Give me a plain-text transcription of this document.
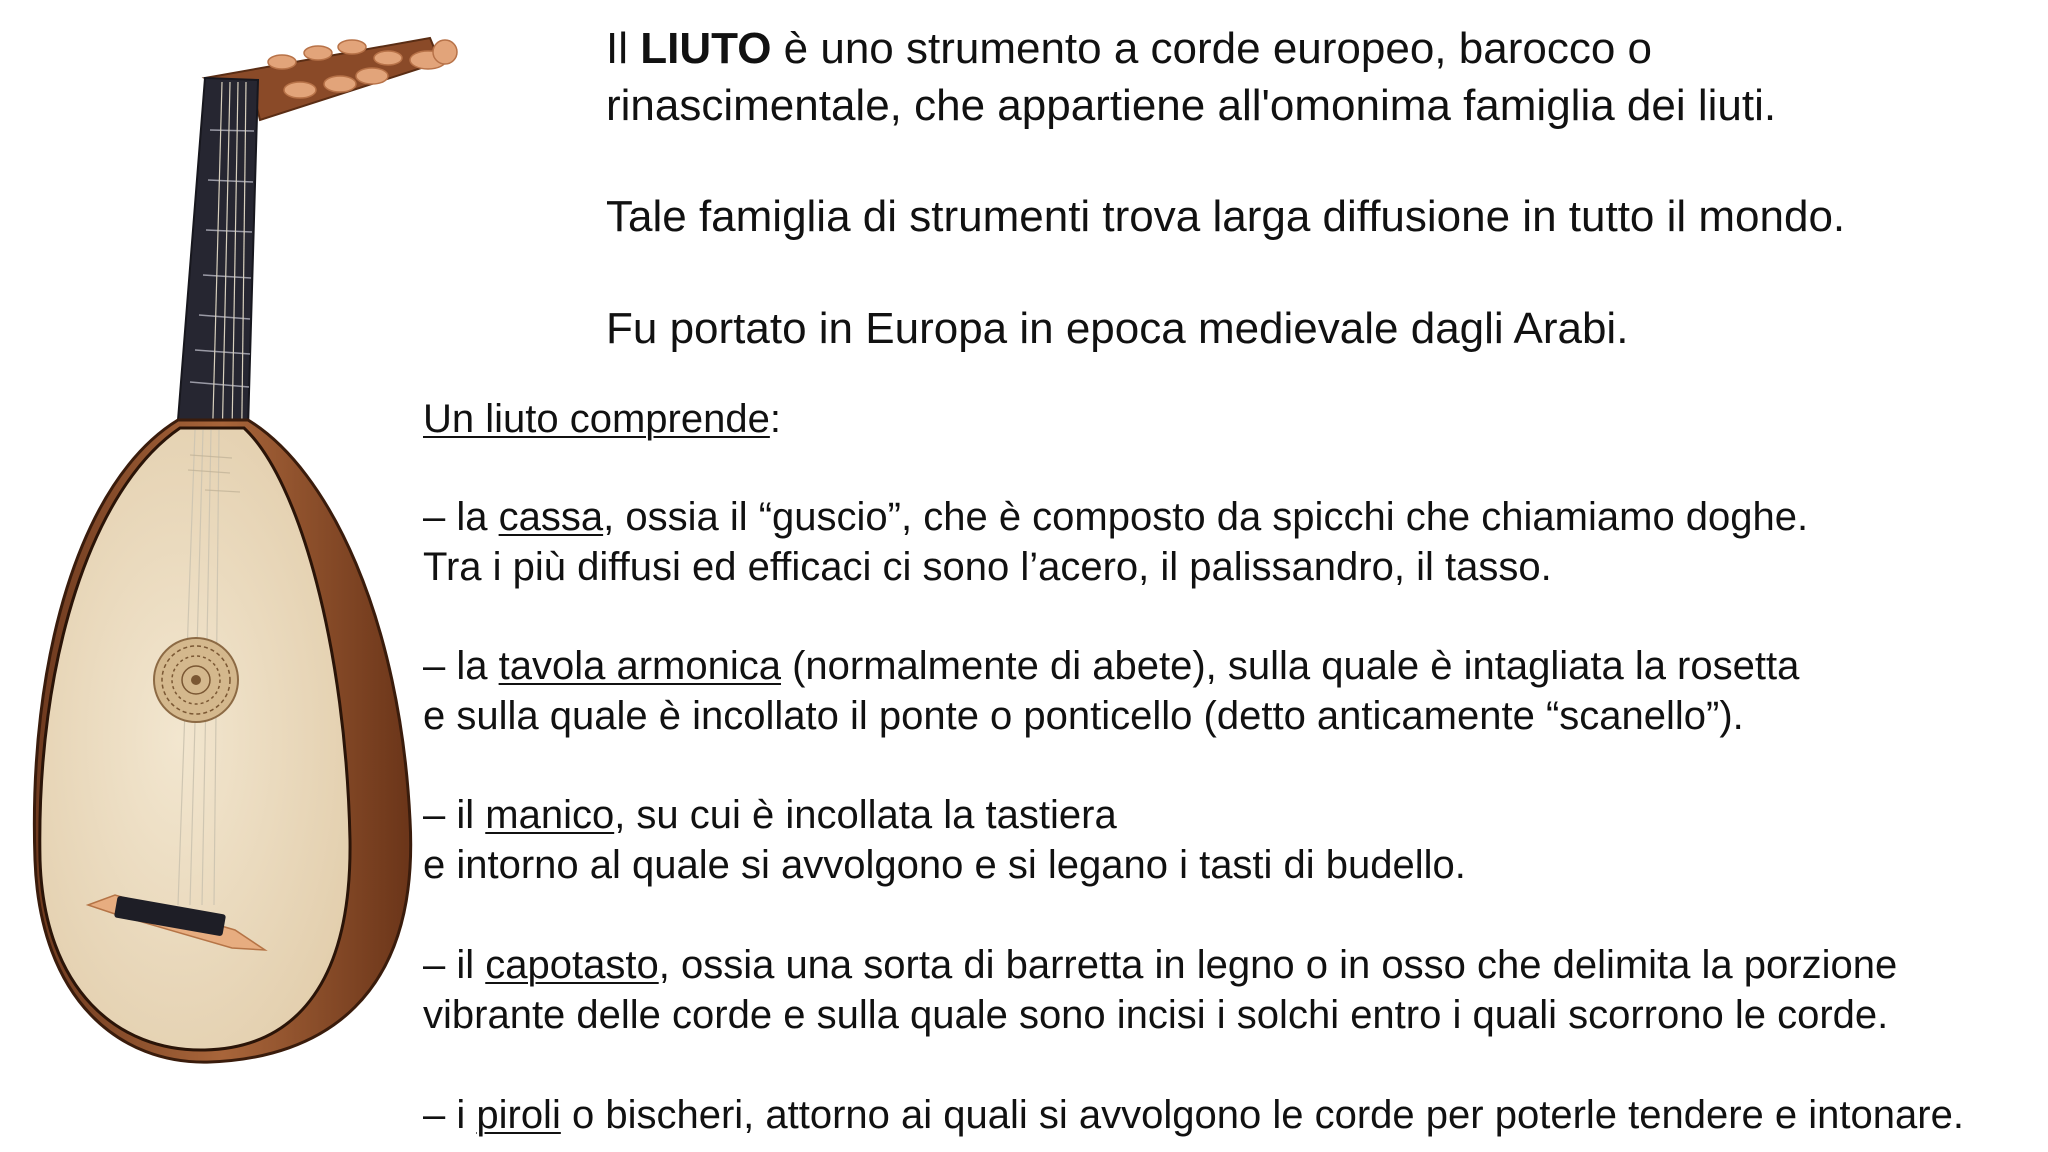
Il LIUTO è uno strumento a corde europeo, barocco o
rinascimentale, che appartiene all'omonima famiglia dei liuti.

Tale famiglia di strumenti trova larga diffusione in tutto il mondo.

Fu portato in Europa in epoca medievale dagli Arabi.

Un liuto comprende:

– la cassa, ossia il “guscio”, che è composto da spicchi che chiamiamo doghe.
Tra i più diffusi ed efficaci ci sono l’acero, il palissandro, il tasso.

– la tavola armonica (normalmente di abete), sulla quale è intagliata la rosetta
e sulla quale è incollato il ponte o ponticello (detto anticamente “scanello”).

– il manico, su cui è incollata la tastiera
e intorno al quale si avvolgono e si legano i tasti di budello.

– il capotasto, ossia una sorta di barretta in legno o in osso che delimita la porzione
vibrante delle corde e sulla quale sono incisi i solchi entro i quali scorrono le corde.

– i piroli o bischeri, attorno ai quali si avvolgono le corde per poterle tendere e intonare.
